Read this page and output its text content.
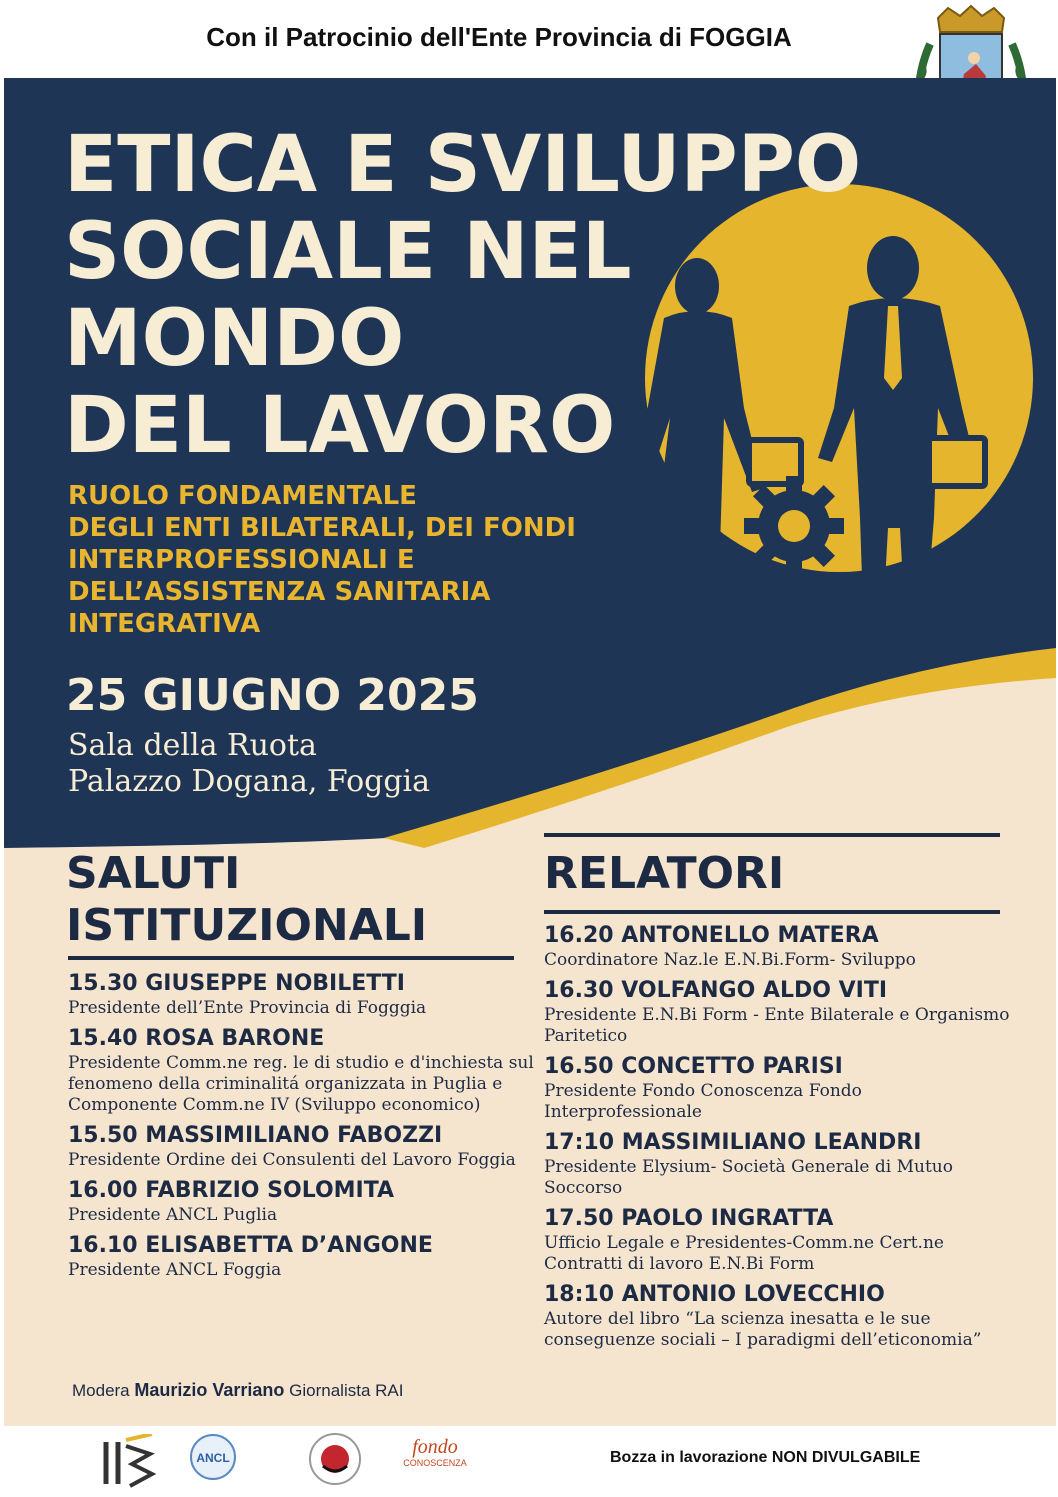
Con il Patrocinio dell'Ente Provincia di FOGGIA
ETICA E SVILUPPO
SOCIALE NEL
MONDO
DEL LAVORO
RUOLO FONDAMENTALE
DEGLI ENTI BILATERALI, DEI FONDI
INTERPROFESSIONALI E
DELL’ASSISTENZA SANITARIA
INTEGRATIVA
25 GIUGNO 2025
Sala della Ruota
Palazzo Dogana, Foggia
SALUTI
ISTITUZIONALI
RELATORI
15.30 GIUSEPPE NOBILETTI
Presidente dell’Ente Provincia di Fogggia
15.40 ROSA BARONE
Presidente Comm.ne reg. le di studio e d'inchiesta sul fenomeno della criminalitá organizzata in Puglia e Componente Comm.ne IV (Sviluppo economico)
15.50 MASSIMILIANO FABOZZI
Presidente Ordine dei Consulenti del Lavoro Foggia
16.00 FABRIZIO SOLOMITA
Presidente ANCL Puglia
16.10 ELISABETTA D’ANGONE
Presidente ANCL Foggia
16.20 ANTONELLO MATERA
Coordinatore Naz.le E.N.Bi.Form- Sviluppo
16.30 VOLFANGO ALDO VITI
Presidente E.N.Bi Form - Ente Bilaterale e Organismo Paritetico
16.50 CONCETTO PARISI
Presidente Fondo Conoscenza Fondo Interprofessionale
17:10 MASSIMILIANO LEANDRI
Presidente Elysium- Società Generale di Mutuo Soccorso
17.50 PAOLO INGRATTA
Ufficio Legale e Presidentes-Comm.ne Cert.ne Contratti di lavoro E.N.Bi Form
18:10 ANTONIO LOVECCHIO
Autore del libro “La scienza inesatta e le sue conseguenze sociali – I paradigmi dell’eticonomia”
Modera Maurizio Varriano Giornalista RAI
ANCL	fondo
CONOSCENZA	Bozza in lavorazione NON DIVULGABILE
